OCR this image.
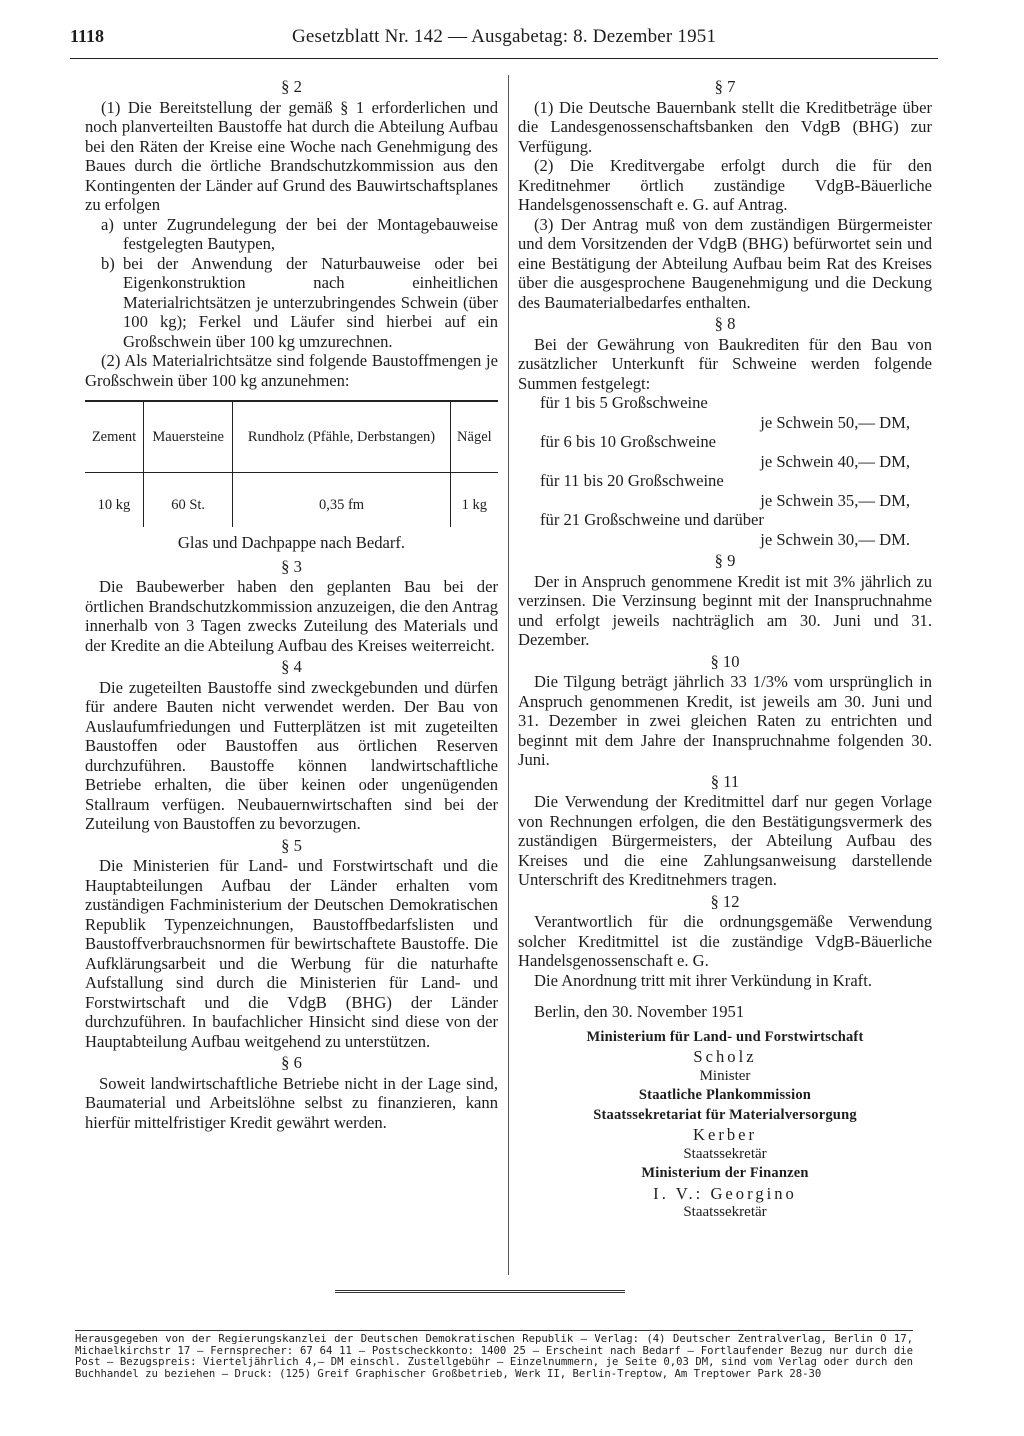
1118	Gesetzblatt Nr. 142 — Ausgabetag: 8. Dezember 1951
§ 2

(1) Die Bereitstellung der gemäß § 1 erforderlichen und noch planverteilten Baustoffe hat durch die Abteilung Aufbau bei den Räten der Kreise eine Woche nach Genehmigung des Baues durch die örtliche Brandschutzkommission aus den Kontingenten der Länder auf Grund des Bauwirtschaftsplanes zu erfolgen

a) unter Zugrundelegung der bei der Montagebauweise festgelegten Bautypen,
b) bei der Anwendung der Naturbauweise oder bei Eigenkonstruktion nach einheitlichen Materialrichtsätzen je unterzubringendes Schwein (über 100 kg); Ferkel und Läufer sind hierbei auf ein Großschwein über 100 kg umzurechnen.

(2) Als Materialrichtsätze sind folgende Baustoffmengen je Großschwein über 100 kg anzunehmen:

Zement	Mauersteine	Rundholz (Pfähle, Derbstangen)	Nägel
10 kg	60 St.	0,35 fm	1 kg
Glas und Dachpappe nach Bedarf.
§ 3

Die Baubewerber haben den geplanten Bau bei der örtlichen Brandschutzkommission anzuzeigen, die den Antrag innerhalb von 3 Tagen zwecks Zuteilung des Materials und der Kredite an die Abteilung Aufbau des Kreises weiterreicht.

§ 4

Die zugeteilten Baustoffe sind zweckgebunden und dürfen für andere Bauten nicht verwendet werden. Der Bau von Auslaufumfriedungen und Futterplätzen ist mit zugeteilten Baustoffen oder Baustoffen aus örtlichen Reserven durchzuführen. Baustoffe können landwirtschaftliche Betriebe erhalten, die über keinen oder ungenügenden Stallraum verfügen. Neubauernwirtschaften sind bei der Zuteilung von Baustoffen zu bevorzugen.

§ 5

Die Ministerien für Land- und Forstwirtschaft und die Hauptabteilungen Aufbau der Länder erhalten vom zuständigen Fachministerium der Deutschen Demokratischen Republik Typenzeichnungen, Baustoffbedarfslisten und Baustoffverbrauchsnormen für bewirtschaftete Baustoffe. Die Aufklärungsarbeit und die Werbung für die naturhafte Aufstallung sind durch die Ministerien für Land- und Forstwirtschaft und die VdgB (BHG) der Länder durchzuführen. In baufachlicher Hinsicht sind diese von der Hauptabteilung Aufbau weitgehend zu unterstützen.

§ 6

Soweit landwirtschaftliche Betriebe nicht in der Lage sind, Baumaterial und Arbeitslöhne selbst zu finanzieren, kann hierfür mittelfristiger Kredit gewährt werden.

§ 7

(1) Die Deutsche Bauernbank stellt die Kreditbeträge über die Landesgenossenschaftsbanken den VdgB (BHG) zur Verfügung.

(2) Die Kreditvergabe erfolgt durch die für den Kreditnehmer örtlich zuständige VdgB-Bäuerliche Handelsgenossenschaft e. G. auf Antrag.

(3) Der Antrag muß von dem zuständigen Bürgermeister und dem Vorsitzenden der VdgB (BHG) befürwortet sein und eine Bestätigung der Abteilung Aufbau beim Rat des Kreises über die ausgesprochene Baugenehmigung und die Deckung des Baumaterialbedarfes enthalten.

§ 8

Bei der Gewährung von Baukrediten für den Bau von zusätzlicher Unterkunft für Schweine werden folgende Summen festgelegt:

für 1 bis 5 Großschweine
je Schwein 50,— DM,
für 6 bis 10 Großschweine
je Schwein 40,— DM,
für 11 bis 20 Großschweine
je Schwein 35,— DM,
für 21 Großschweine und darüber
je Schwein 30,— DM.
§ 9

Der in Anspruch genommene Kredit ist mit 3% jährlich zu verzinsen. Die Verzinsung beginnt mit der Inanspruchnahme und erfolgt jeweils nachträglich am 30. Juni und 31. Dezember.

§ 10

Die Tilgung beträgt jährlich 33 1/3% vom ursprünglich in Anspruch genommenen Kredit, ist jeweils am 30. Juni und 31. Dezember in zwei gleichen Raten zu entrichten und beginnt mit dem Jahre der Inanspruchnahme folgenden 30. Juni.

§ 11

Die Verwendung der Kreditmittel darf nur gegen Vorlage von Rechnungen erfolgen, die den Bestätigungsvermerk des zuständigen Bürgermeisters, der Abteilung Aufbau des Kreises und die eine Zahlungsanweisung darstellende Unterschrift des Kreditnehmers tragen.

§ 12

Verantwortlich für die ordnungsgemäße Verwendung solcher Kreditmittel ist die zuständige VdgB-Bäuerliche Handelsgenossenschaft e. G.

Die Anordnung tritt mit ihrer Verkündung in Kraft.

Berlin, den 30. November 1951

Ministerium für Land- und Forstwirtschaft

Scholz

Minister

Staatliche Plankommission

Staatssekretariat für Materialversorgung

Kerber

Staatssekretär

Ministerium der Finanzen

I. V.: Georgino

Staatssekretär

Herausgegeben von der Regierungskanzlei der Deutschen Demokratischen Republik — Verlag: (4) Deutscher Zentralverlag, Berlin O 17, Michaelkirchstr 17 — Fernsprecher: 67 64 11 — Postscheckkonto: 1400 25 — Erscheint nach Bedarf — Fortlaufender Bezug nur durch die Post — Bezugspreis: Vierteljährlich 4,— DM einschl. Zustellgebühr — Einzelnummern, je Seite 0,03 DM, sind vom Verlag oder durch den Buchhandel zu beziehen — Druck: (125) Greif Graphischer Großbetrieb, Werk II, Berlin-Treptow, Am Treptower Park 28-30
